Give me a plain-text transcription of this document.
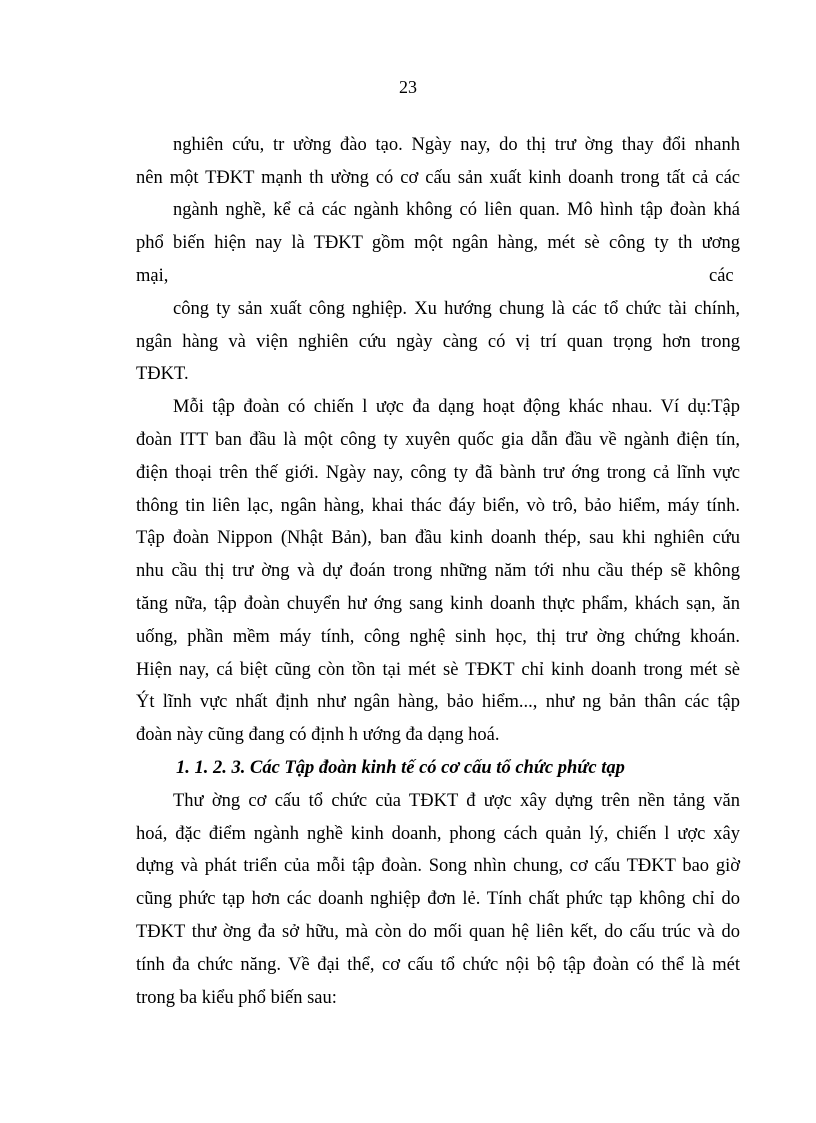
23
nghiên cứu, tr ường đào tạo. Ngày nay, do thị trư ờng thay đổi nhanh
nên một TĐKT mạnh th ường có cơ cấu sản xuất kinh doanh trong tất cả các
ngành nghề, kể cả các ngành không có liên quan. Mô hình tập đoàn khá
phổ biến hiện nay là TĐKT gồm một ngân hàng, mét sè công ty th ương
mại,	các
công ty sản xuất công nghiệp. Xu hướng chung là các tổ chức tài chính,
ngân hàng và viện nghiên cứu ngày càng có vị trí quan trọng hơn trong
TĐKT.
Mỗi tập đoàn có chiến l ược đa dạng hoạt động khác nhau. Ví dụ:Tập
đoàn ITT ban đầu là một công ty xuyên quốc gia dẫn đầu về ngành điện tín,
điện thoại trên thế giới. Ngày nay, công ty đã bành trư ớng trong cả lĩnh vực
thông tin liên lạc, ngân hàng, khai thác đáy biển, vò trô, bảo hiểm, máy tính.
Tập đoàn Nippon (Nhật Bản), ban đầu kinh doanh thép, sau khi nghiên cứu
nhu cầu thị trư ờng và dự đoán trong những năm tới nhu cầu thép sẽ không
tăng nữa, tập đoàn chuyển hư ớng sang kinh doanh thực phẩm, khách sạn, ăn
uống, phần mềm máy tính, công nghệ sinh học, thị trư ờng chứng khoán.
Hiện nay, cá biệt cũng còn tồn tại mét sè TĐKT chỉ kinh doanh trong mét sè
Ýt lĩnh vực nhất định như ngân hàng, bảo hiểm..., như ng bản thân các tập
đoàn này cũng đang có định h ướng đa dạng hoá.
1. 1. 2. 3. Các Tập đoàn kinh tế có cơ cấu tổ chức phức tạp
Thư ờng cơ cấu tổ chức của TĐKT đ ược xây dựng trên nền tảng văn
hoá, đặc điểm ngành nghề kinh doanh, phong cách quản lý, chiến l ược xây
dựng và phát triển của mỗi tập đoàn. Song nhìn chung, cơ cấu TĐKT bao giờ
cũng phức tạp hơn các doanh nghiệp đơn lẻ. Tính chất phức tạp không chỉ do
TĐKT thư ờng đa sở hữu, mà còn do mối quan hệ liên kết, do cấu trúc và do
tính đa chức năng. Về đại thể, cơ cấu tổ chức nội bộ tập đoàn có thể là mét
trong ba kiểu phổ biến sau:
